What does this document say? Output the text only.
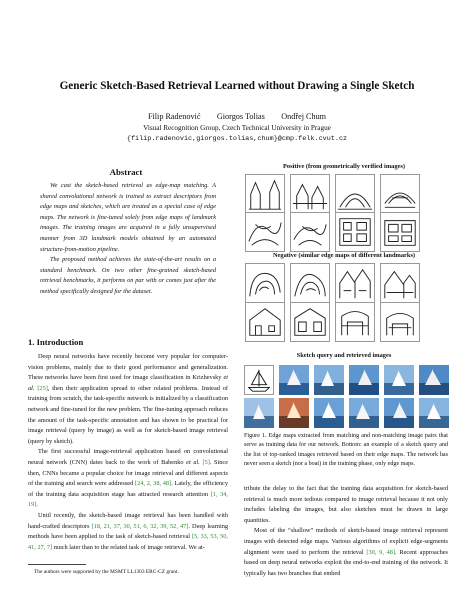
Generic Sketch-Based Retrieval Learned without Drawing a Single Sketch
Filip Radenović        Giorgos Tolias        Ondřej Chum
Visual Recognition Group, Czech Technical University in Prague
{filip.radenovic,giorgos.tolias,chum}@cmp.felk.cvut.cz
Abstract

We cast the sketch-based retrieval as edge-map matching. A shared convolutional network is trained to extract descriptors from edge maps and sketches, which are treated as a special case of edge maps. The network is fine-tuned solely from edge maps of landmark images. The training images are acquired in a fully unsupervised manner from 3D landmark models obtained by an automated structure-from-motion pipeline.

The proposed method achieves the state-of-the-art results on a standard benchmark. On two other fine-grained sketch-based retrieval benchmarks, it performs on par with or comes just after the method specifically designed for the dataset.

1. Introduction

Deep neural networks have recently become very popular for computer-vision problems, mainly due to their good performance and generalization. These networks have been first used for image classification in Krizhevsky et al. [25], then their application spread to other related problems. Instead of training from scratch, the task-specific network is initialized by a classification network and fine-tuned for the new problem. The fine-tuning approach reduces the amount of the task-specific annotation and has shown to be practical for image retrieval (query by image) as well as for sketch-based image retrieval (query by sketch).

The first successful image-retrieval application based on convolutional neural network (CNN) dates back to the work of Babenko et al. [5]. Since then, CNNs became a popular choice for image retrieval and different aspects of the training and search were addressed [24, 2, 38, 48]. Lately, the efficiency of the training data acquisition stage has attracted research attention [1, 34, 19].

Until recently, the sketch-based image retrieval has been handled with hand-crafted descriptors [18, 21, 37, 30, 51, 6, 32, 39, 52, 47]. Deep learning methods have been applied to the task of sketch-based retrieval [5, 33, 53, 50, 41, 27, 7] much later than to the related task of image retrieval. We at-

The authors were supported by the MSMT LL1303 ERC-CZ grant.
Positive (from geometrically verified images)
Negative (similar edge maps of different landmarks)
Sketch query and retrieved images
Figure 1. Edge maps extracted from matching and non-matching image pairs that serve as training data for our network. Bottom: an example of a sketch query and the list of top-ranked images retrieved based on their edge maps. The network has never seen a sketch (nor a boat) in the training phase, only edge maps.

tribute the delay to the fact that the training data acquisition for sketch-based retrieval is much more tedious compared to image retrieval because it not only includes labeling the images, but also sketches must be drawn in large quantities.

Most of the “shallow” methods of sketch-based image retrieval represent images with detected edge maps. Various algorithms of explicit edge-segments alignment were used to perform the retrieval [30, 9, 48]. Recent approaches based on deep neural networks exploit the end-to-end training of the network. It typically has two branches that embed
